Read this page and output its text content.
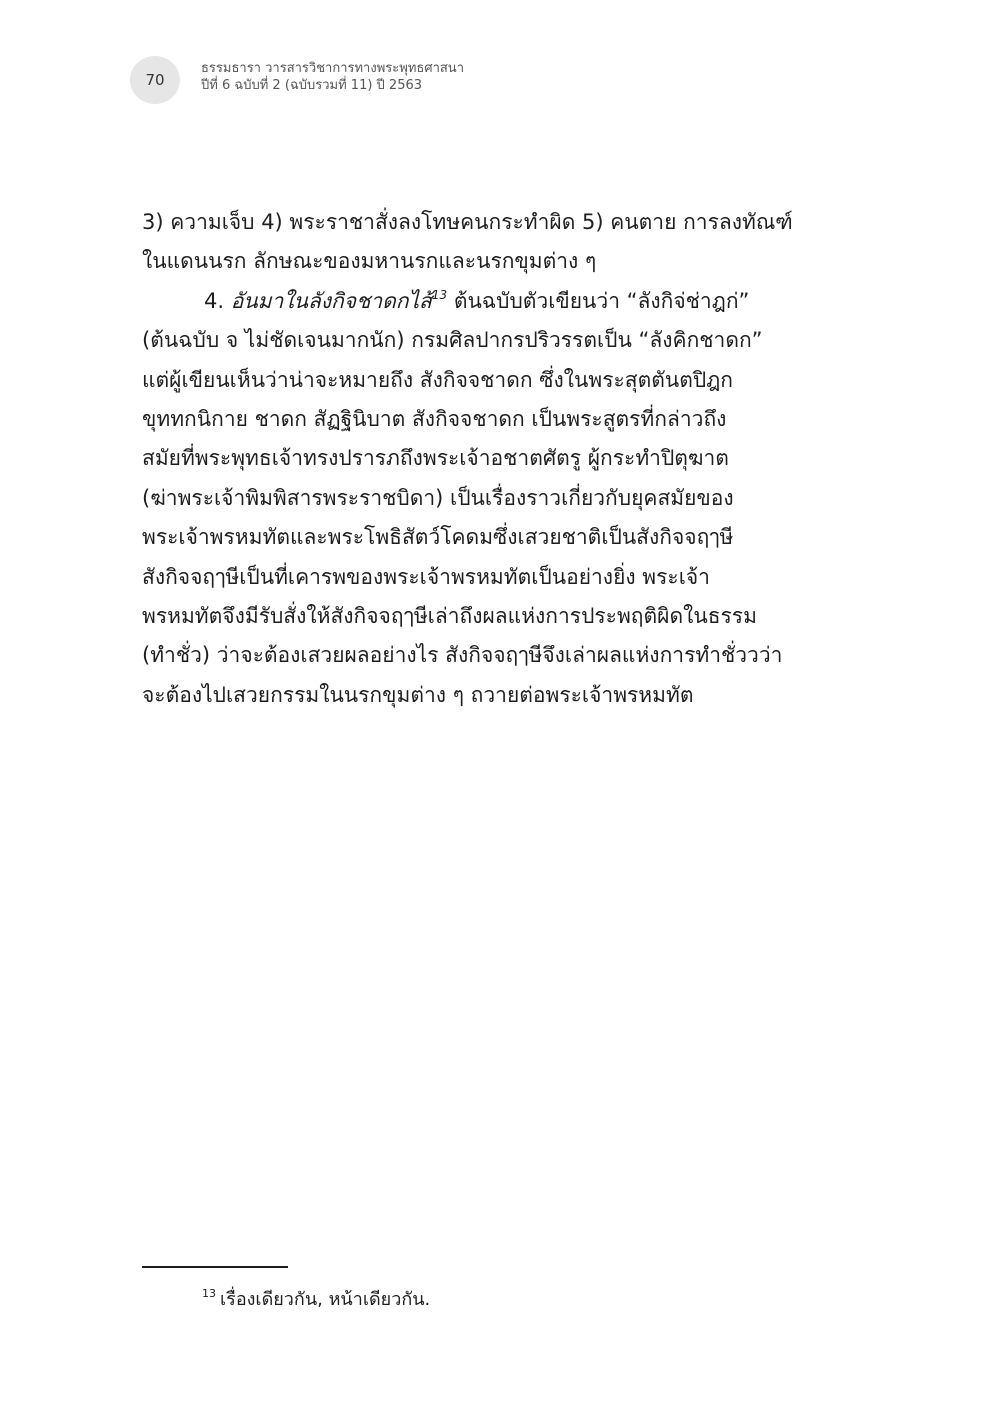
70
ธรรมธารา วารสารวิชาการทางพระพุทธศาสนา
ปีที่ 6 ฉบับที่ 2 (ฉบับรวมที่ 11) ปี 2563
3) ความเจ็บ 4) พระราชาสั่งลงโทษคนกระทำผิด 5) คนตาย การลงทัณฑ์
ในแดนนรก ลักษณะของมหานรกและนรกขุมต่าง ๆ
4. อันมาในลังกิจชาดกไส้$^{13}$ ต้นฉบับตัวเขียนว่า “ลังกิจ่ช่าฎก่”
(ต้นฉบับ จ ไม่ชัดเจนมากนัก) กรมศิลปากรปริวรรตเป็น “ลังคิกชาดก”
แต่ผู้เขียนเห็นว่าน่าจะหมายถึง สังกิจจชาดก ซึ่งในพระสุตตันตปิฎก
ขุททกนิกาย ชาดก สัฏฐินิบาต สังกิจจชาดก เป็นพระสูตรที่กล่าวถึง
สมัยที่พระพุทธเจ้าทรงปรารภถึงพระเจ้าอชาตศัตรู ผู้กระทำปิตุฆาต
(ฆ่าพระเจ้าพิมพิสารพระราชบิดา) เป็นเรื่องราวเกี่ยวกับยุคสมัยของ
พระเจ้าพรหมทัตและพระโพธิสัตว์โคดมซึ่งเสวยชาติเป็นสังกิจจฤๅษี
สังกิจจฤๅษีเป็นที่เคารพของพระเจ้าพรหมทัตเป็นอย่างยิ่ง พระเจ้า
พรหมทัตจึงมีรับสั่งให้สังกิจจฤๅษีเล่าถึงผลแห่งการประพฤติผิดในธรรม
(ทำชั่ว) ว่าจะต้องเสวยผลอย่างไร สังกิจจฤๅษีจึงเล่าผลแห่งการทำชั่ววว่า
จะต้องไปเสวยกรรมในนรกขุมต่าง ๆ ถวายต่อพระเจ้าพรหมทัต
$^{13}$ เรื่องเดียวกัน, หน้าเดียวกัน.
